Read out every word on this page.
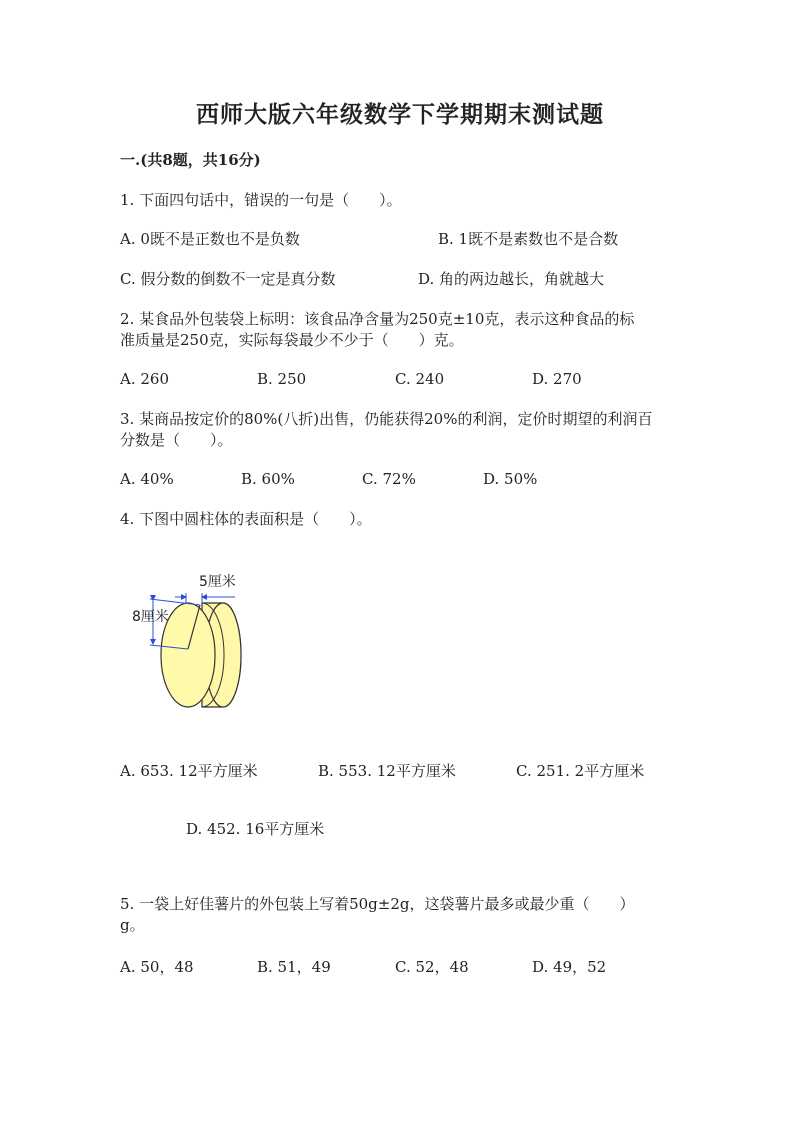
西师大版六年级数学下学期期末测试题
一.(共8题，共16分)
1. 下面四句话中，错误的一句是（　　）。
A. 0既不是正数也不是负数	B. 1既不是素数也不是合数
C. 假分数的倒数不一定是真分数	D. 角的两边越长，角就越大
2. 某食品外包装袋上标明：该食品净含量为250克±10克，表示这种食品的标
准质量是250克，实际每袋最少不少于（　　）克。
A. 260	B. 250	C. 240	D. 270
3. 某商品按定价的80%(八折)出售，仍能获得20%的利润，定价时期望的利润百
分数是（　　）。
A. 40%	B. 60%	C. 72%	D. 50%
4. 下图中圆柱体的表面积是（　　）。
5厘米
8厘米
A. 653. 12平方厘米	B. 553. 12平方厘米	C. 251. 2平方厘米
D. 452. 16平方厘米
5. 一袋上好佳薯片的外包装上写着50g±2g，这袋薯片最多或最少重（　　）
g。
A. 50，48	B. 51，49	C. 52，48	D. 49，52
